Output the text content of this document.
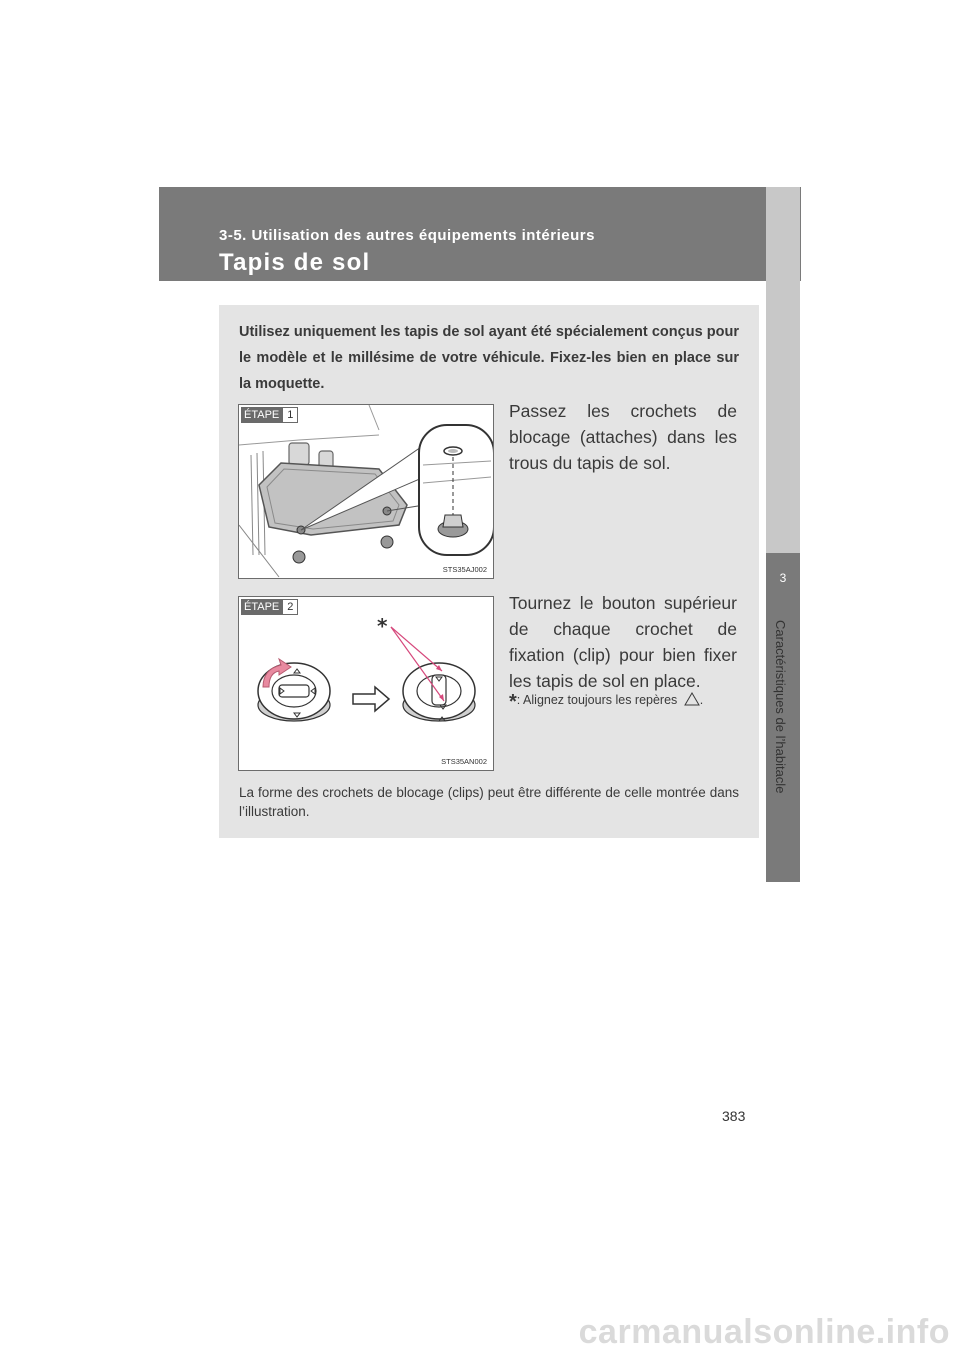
3-5. Utilisation des autres équipements intérieurs
Tapis de sol
3
Caractéristiques de l’habitacle
Utilisez uniquement les tapis de sol ayant été spécialement conçus pour le modèle et le millésime de votre véhicule. Fixez-les bien en place sur la moquette.
ÉTAPE 1
STS35AJ002
Passez les crochets de blocage (attaches) dans les trous du tapis de sol.
*
ÉTAPE 2
STS35AN002
Tournez le bouton supérieur de chaque crochet de fixation (clip) pour bien fixer les tapis de sol en place.
*: Alignez toujours les repères .
La forme des crochets de blocage (clips) peut être différente de celle montrée dans l’illustration.
383
carmanualsonline.info
